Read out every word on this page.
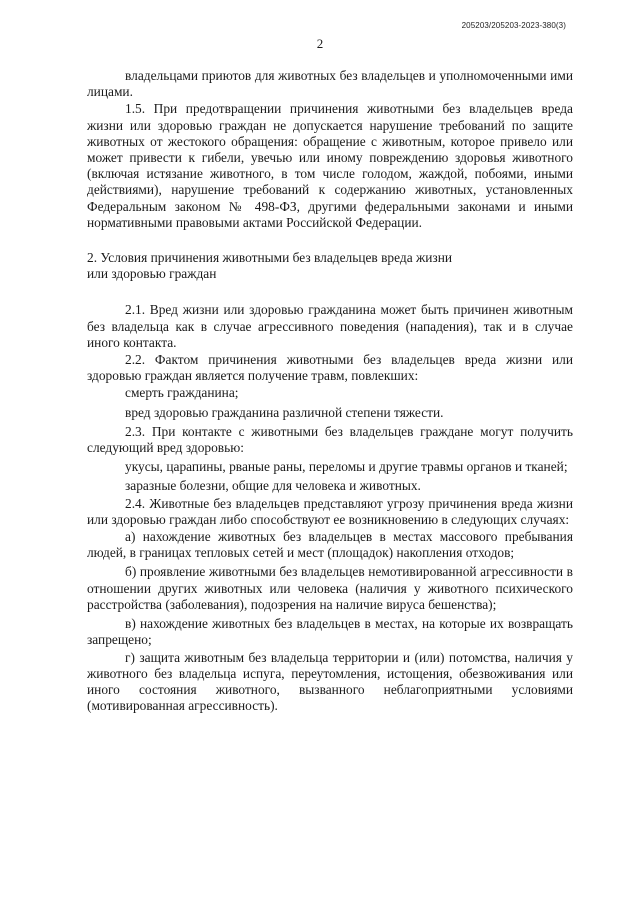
205203/205203-2023-380(3)
2

владельцами приютов для животных без владельцев и уполномоченными ими лицами.

1.5. При предотвращении причинения животными без владельцев вреда жизни или здоровью граждан не допускается нарушение требований по защите животных от жестокого обращения: обращение с животным, которое привело или может привести к гибели, увечью или иному повреждению здоровья животного (включая истязание животного, в том числе голодом, жаждой, побоями, иными действиями), нарушение требований к содержанию животных, установленных Федеральным законом № 498-ФЗ, другими федеральными законами и иными нормативными правовыми актами Российской Федерации.

2. Условия причинения животными без владельцев вреда жизни
или здоровью граждан

2.1. Вред жизни или здоровью гражданина может быть причинен животным без владельца как в случае агрессивного поведения (нападения), так и в случае иного контакта.

2.2. Фактом причинения животными без владельцев вреда жизни или здоровью граждан является получение травм, повлекших:

смерть гражданина;

вред здоровью гражданина различной степени тяжести.

2.3. При контакте с животными без владельцев граждане могут получить следующий вред здоровью:

укусы, царапины, рваные раны, переломы и другие травмы органов и тканей;

заразные болезни, общие для человека и животных.

2.4. Животные без владельцев представляют угрозу причинения вреда жизни или здоровью граждан либо способствуют ее возникновению в следующих случаях:

а) нахождение животных без владельцев в местах массового пребывания людей, в границах тепловых сетей и мест (площадок) накопления отходов;

б) проявление животными без владельцев немотивированной агрессивности в отношении других животных или человека (наличия у животного психического расстройства (заболевания), подозрения на наличие вируса бешенства);

в) нахождение животных без владельцев в местах, на которые их возвращать запрещено;

г) защита животным без владельца территории и (или) потомства, наличия у животного без владельца испуга, переутомления, истощения, обезвоживания или иного состояния животного, вызванного неблагоприятными условиями (мотивированная агрессивность).
